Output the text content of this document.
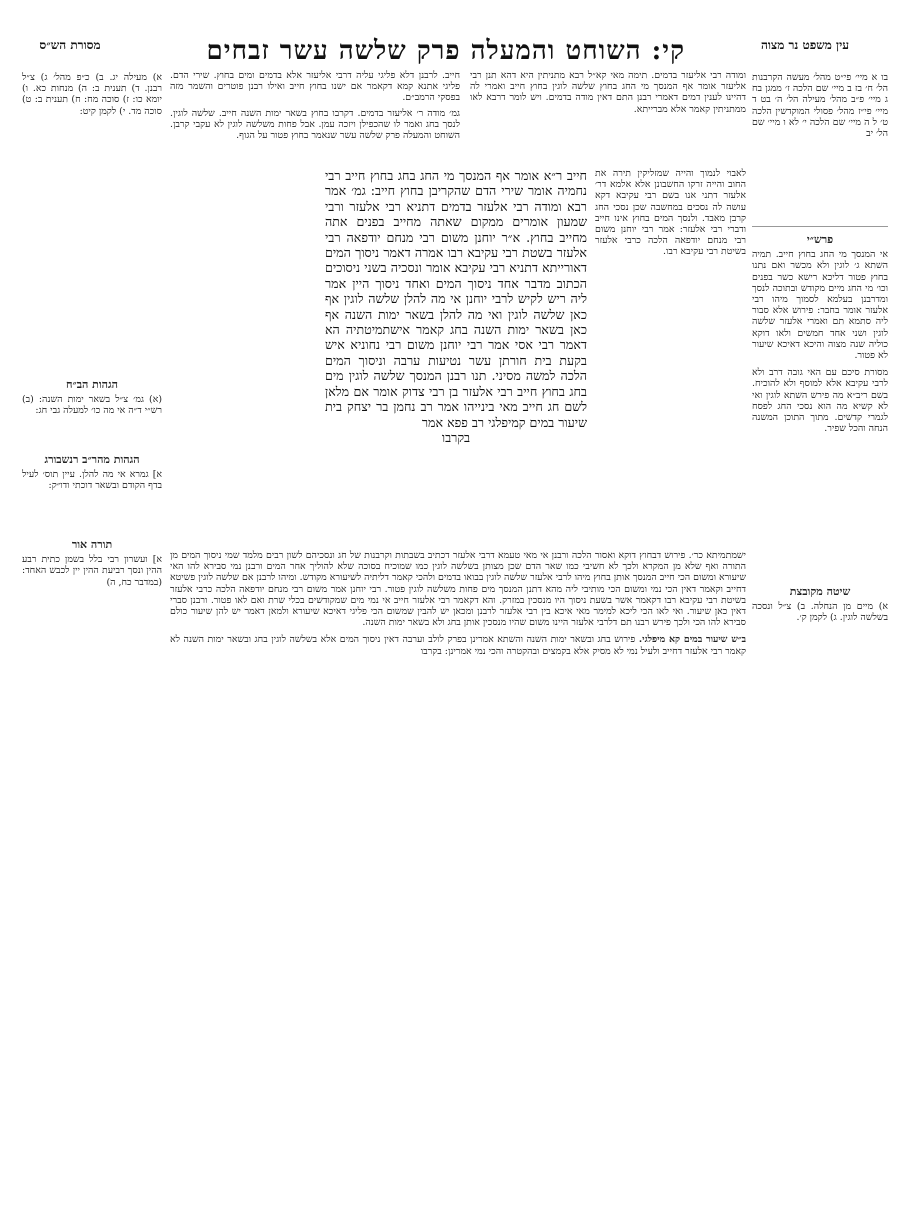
מסורת הש״ס	קי: השוחט והמעלה פרק שלשה עשר זבחים	עין משפט נר מצוה

בו א מיי׳ פי״ט מהל׳ מעשה הקרבנות הל׳ ח׳ בז ב מיי׳ שם הלכה ז׳ ממגן בח ג מיי׳ פ״ב מהל׳ מעילה הל׳ ה׳ בט ד מיי׳ פי״ז מהל׳ פסולי המוקדשין הלכה ט׳ ל ה מיי׳ שם הלכה י׳ לא ו מיי׳ שם הל׳ יב

פרש״י

אי המנסך מי החג בחוץ חייב. תמיה השתא ג׳ לוגין ולא מכשר ואם נתנו בחוץ פטור דליכא רישא כשר בפנים וכו׳ מי החג מיים מקודש ובתוכה לנסך ומדרבנן בעלמא לסמוך מיהו רבי אלעזר אומר בחבר: פירוש אלא סבור ליה סתמא תם ואמרי אלעזר שלשה לוגין ושני אחד חמשים ולאו דוקא כוליה שנה מצוה והיכא דאיכא שיעור לא פטור.

מסורת סיכם עם האי גובה דרב ולא לרבי עקיבא אלא למוסף ולא להוכיח. בשם ריב״א מה פירש השתא לוגין ואי לא קשיא מה הוא נסכי החג לפסח לגמרי קדשים. מתוך התוכן המשנה הנחה והכל שפיר.

שיטה מקובצת

א) מיים מן הנחלה. ב) צ״ל ונסכה בשלשה לוגין. ג) לקמן ק׳.

א) מעילה יג. ב) כ״פ מהל׳ ג) צ״ל רבנן. ד) תענית ב: ה) מנחות כא. ו) יומא כו: ז) סוכה מח: ח) תענית ב: ט) סוכה מד. י) לקמן קיט:

הגהות הב״ח

(א) גמ׳ צ״ל בשאר ימות השנה: (ב) רש״י ד״ה אי מה כו׳ למעלה גבי חג:

הגהות מהר״ב רנשבורג

א] גמרא אי מה להלן. עיין תוס׳ לעיל בדף הקודם ובשאר דוכתי ודו״ק:

תורה אור

א] ועשרון רבי בלל בשמן כתית רבע ההין ונסך רביעת ההין יין לכבש האחד: (במדבר כח, ה)

ומודה רבי אליעזר בדמים. תימה מאי קא״ל רבא מתניתין היא דהא תנן רבי אליעזר אומר אף המנסך מי החג בחוץ שלשה לוגין בחוץ חייב ואמרי לה דהיינו לענין דמים דאמרי רבנן התם דאין מודה בדמים. ויש לומר דרבא לאו ממתניתין קאמר אלא מברייתא.

חייב. לרבנן דלא פליגי עליה דרבי אליעזר אלא בדמים ומים בחוץ. שירי הדם. פליגי אתנא קמא דקאמר אם ישנו בחוץ חייב ואילו רבנן פוטרים והשמר מזה בפסקי הרמב״ם.

גמ׳ מודה ר׳ אליעזר בדמים. דקרבו בחוץ בשאר ימות השנה חייב. שלשה לוגין. לנסך בחג ואמר לו שהכפילן ויזכה עמן. אבל פחות משלשה לוגין לא עקבי קרבן. השוחט והמעלה פרק שלשה עשר שנאמר בחוץ פטור על הגוף.

לאבוי לנמוך והייה שמזליקין תירה את החוב והייה זרקו החשבונן אלא אלמא דר׳ אלעזר דתני אנו בשם רבי עקיבא דקא עושה לה נסכים במחשבה שכן נסכי החג קרבן מאבד. ולנסך המים בחוץ אינו חייב ודברי רבי אלעזר: אמר רבי יוחנן משום רבי מנחם יודפאה הלכה כרבי אלעזר בשיטת רבי עקיבא רבו.

חייב ר״א אומר אף המנסך מי החג בחג בחוץ חייב רבי נחמיה אומר שירי הדם שהקריבן בחוץ חייב: גמ׳ אמר רבא ומודה רבי אלעזר בדמים דתניא רבי אלעזר ורבי שמעון אומרים ממקום שאתה מחייב בפנים אתה מחייב בחוץ. א״ר יוחנן משום רבי מנחם יודפאה רבי אלעזר בשטת רבי עקיבא רבו אמרה דאמר ניסוך המים דאורייתא דתניא רבי עקיבא אומר ונסכיה בשני ניסוכים הכתוב מדבר אחד ניסוך המים ואחד ניסוך היין אמר ליה ריש לקיש לרבי יוחנן אי מה להלן שלשה לוגין אף כאן שלשה לוגין ואי מה להלן בשאר ימות השנה אף כאן בשאר ימות השנה בחג קאמר אישתמיטתיה הא דאמר רבי אסי אמר רבי יוחנן משום רבי נחוניא איש בקעת בית חורתן עשר נטיעות ערבה וניסוך המים הלכה למשה מסיני. תנו רבנן המנסך שלשה לוגין מים בחג בחוץ חייב רבי אלעזר בן רבי צדוק אומר אם מלאן לשם חג חייב מאי בינייהו אמר רב נחמן בר יצחק בית שיעור במים קמיפלגי רב פפא אמר

בקרבו

ישמתמיתא כר׳. פירוש דבחוץ דוקא ואסור הלכה ורבנן אי מאי טעמא דרבי אלעזר דכתיב בשבתות וקרבנות של חג ונסכיהם לשון רבים מלמד שמי ניסוך המים מן התורה ואף שלא מן המקרא ולכך לא חשיבי כמו שאר הדם שכן מצותן בשלשה לוגין כמו שמוכיח בסוכה שלא להוליך אחר המים ורבנן נמי סבירא להו האי שיעורא ומשום הכי חייב המנסך אותן בחוץ מיהו לרבי אלעזר שלשה לוגין בבואו בדמים ולהכי קאמר דליתיה לשיעורא מקודש. ומיהו לרבנן אם שלשה לוגין פשיטא דחייב וקאמר דאין הכי נמי ומשום הכי מותיבי ליה מהא דתנן המנסך מים פחות משלשה לוגין פטור. רבי יוחנן אמר משום רבי מנחם יודפאה הלכה כרבי אלעזר בשיטת רבי עקיבא רבו דקאמר אשר בשעת ניסוך היו מנסכין במזרק. והא דקאמר רבי אלעזר חייב אי נמי מים שמקודשים בכלי שרת ואם לאו פטור. ורבנן סברי דאין כאן שיעור. ואי לאו הכי ליכא למימר מאי איכא בין רבי אלעזר לרבנן ומכאן יש להבין שמשום הכי פליגי דאיכא שיעורא ולמאן דאמר יש להן שיעור כולם סבירא להו הכי ולכך פירש רבנו תם דלרבי אלעזר היינו משום שהיו מנסכין אותן בחג ולא בשאר ימות השנה.

ב״ש שיעור במים קא מיפלגי. פירוש בחג ובשאר ימות השנה והשתא אמרינן בפרק לולב וערבה דאין ניסוך המים אלא בשלשה לוגין בחג ובשאר ימות השנה לא קאמר רבי אלעזר דחייב ולעיל נמי לא מסיק אלא בקמצים ובהקטרה והכי נמי אמרינן: בקרבו
